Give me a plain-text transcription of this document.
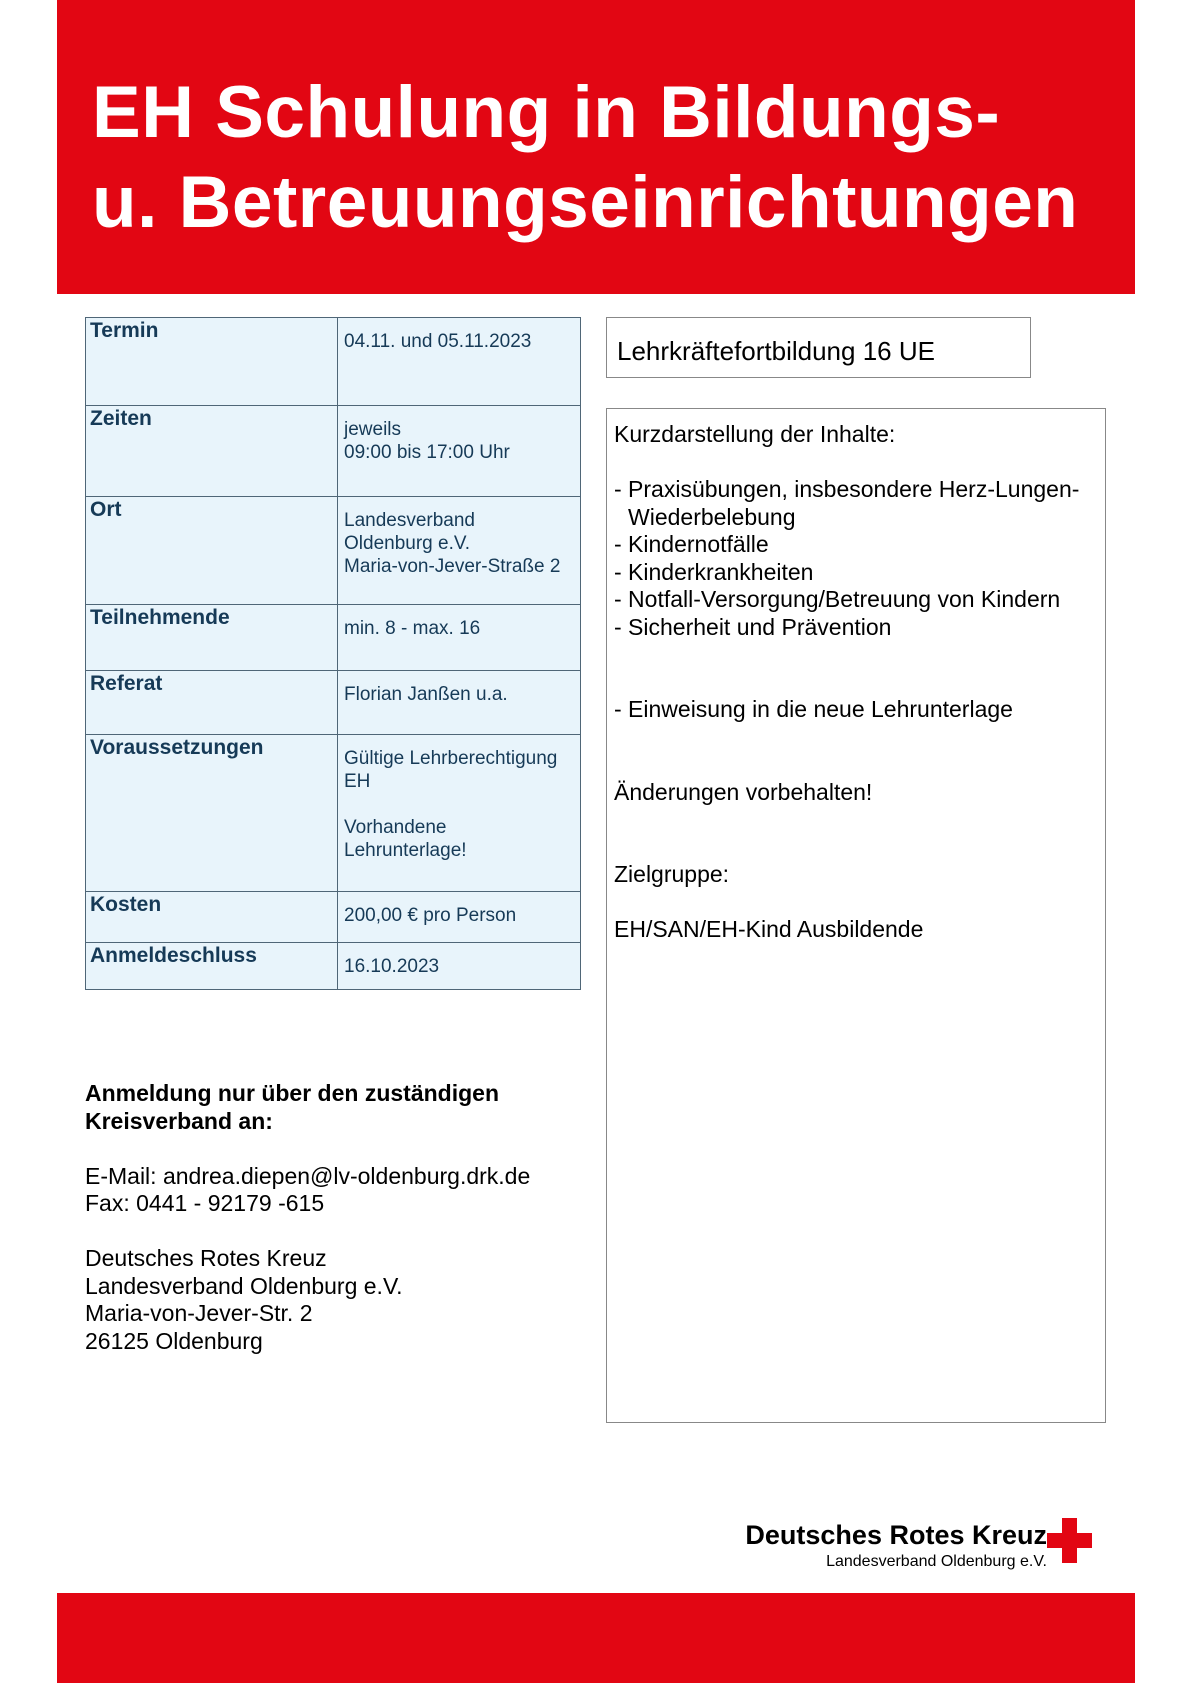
EH Schulung in Bildungs-
u. Betreuungseinrichtungen
Termin	04.11. und 05.11.2023

Zeiten	jeweils
09:00 bis 17:00 Uhr

Ort	Landesverband
Oldenburg e.V.
Maria-von-Jever-Straße 2

Teilnehmende	min. 8 - max. 16

Referat	Florian Janßen u.a.

Voraussetzungen	Gültige Lehrberechtigung
EH

Vorhandene
Lehrunterlage!

Kosten	200,00 € pro Person

Anmeldeschluss	16.10.2023
Lehrkräftefortbildung 16 UE
Kurzdarstellung der Inhalte:
- Praxisübungen, insbesondere Herz-Lungen-Wiederbelebung
- Kindernotfälle
- Kinderkrankheiten
- Notfall-Versorgung/Betreuung von Kindern
- Sicherheit und Prävention
- Einweisung in die neue Lehrunterlage
Änderungen vorbehalten!
Zielgruppe:
EH/SAN/EH-Kind Ausbildende
Anmeldung nur über den zuständigen
Kreisverband an:
E-Mail: andrea.diepen@lv-oldenburg.drk.de
Fax: 0441 - 92179 -615
Deutsches Rotes Kreuz
Landesverband Oldenburg e.V.
Maria-von-Jever-Str. 2
26125 Oldenburg
Deutsches Rotes Kreuz
Landesverband Oldenburg e.V.
